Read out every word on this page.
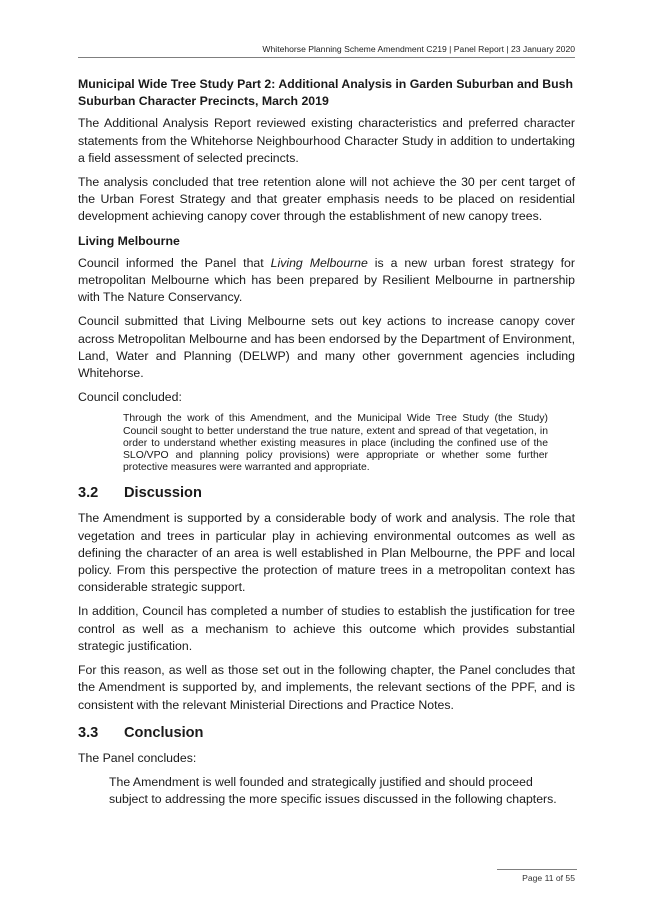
Whitehorse Planning Scheme Amendment C219 | Panel Report | 23 January 2020
Municipal Wide Tree Study Part 2: Additional Analysis in Garden Suburban and Bush Suburban Character Precincts, March 2019

The Additional Analysis Report reviewed existing characteristics and preferred character statements from the Whitehorse Neighbourhood Character Study in addition to undertaking a field assessment of selected precincts.

The analysis concluded that tree retention alone will not achieve the 30 per cent target of the Urban Forest Strategy and that greater emphasis needs to be placed on residential development achieving canopy cover through the establishment of new canopy trees.

Living Melbourne

Council informed the Panel that Living Melbourne is a new urban forest strategy for metropolitan Melbourne which has been prepared by Resilient Melbourne in partnership with The Nature Conservancy.

Council submitted that Living Melbourne sets out key actions to increase canopy cover across Metropolitan Melbourne and has been endorsed by the Department of Environment, Land, Water and Planning (DELWP) and many other government agencies including Whitehorse.

Council concluded:

Through the work of this Amendment, and the Municipal Wide Tree Study (the Study) Council sought to better understand the true nature, extent and spread of that vegetation, in order to understand whether existing measures in place (including the confined use of the SLO/VPO and planning policy provisions) were appropriate or whether some further protective measures were warranted and appropriate.

3.2 Discussion

The Amendment is supported by a considerable body of work and analysis. The role that vegetation and trees in particular play in achieving environmental outcomes as well as defining the character of an area is well established in Plan Melbourne, the PPF and local policy. From this perspective the protection of mature trees in a metropolitan context has considerable strategic support.

In addition, Council has completed a number of studies to establish the justification for tree control as well as a mechanism to achieve this outcome which provides substantial strategic justification.

For this reason, as well as those set out in the following chapter, the Panel concludes that the Amendment is supported by, and implements, the relevant sections of the PPF, and is consistent with the relevant Ministerial Directions and Practice Notes.

3.3 Conclusion

The Panel concludes:

The Amendment is well founded and strategically justified and should proceed subject to addressing the more specific issues discussed in the following chapters.

Page 11 of 55
